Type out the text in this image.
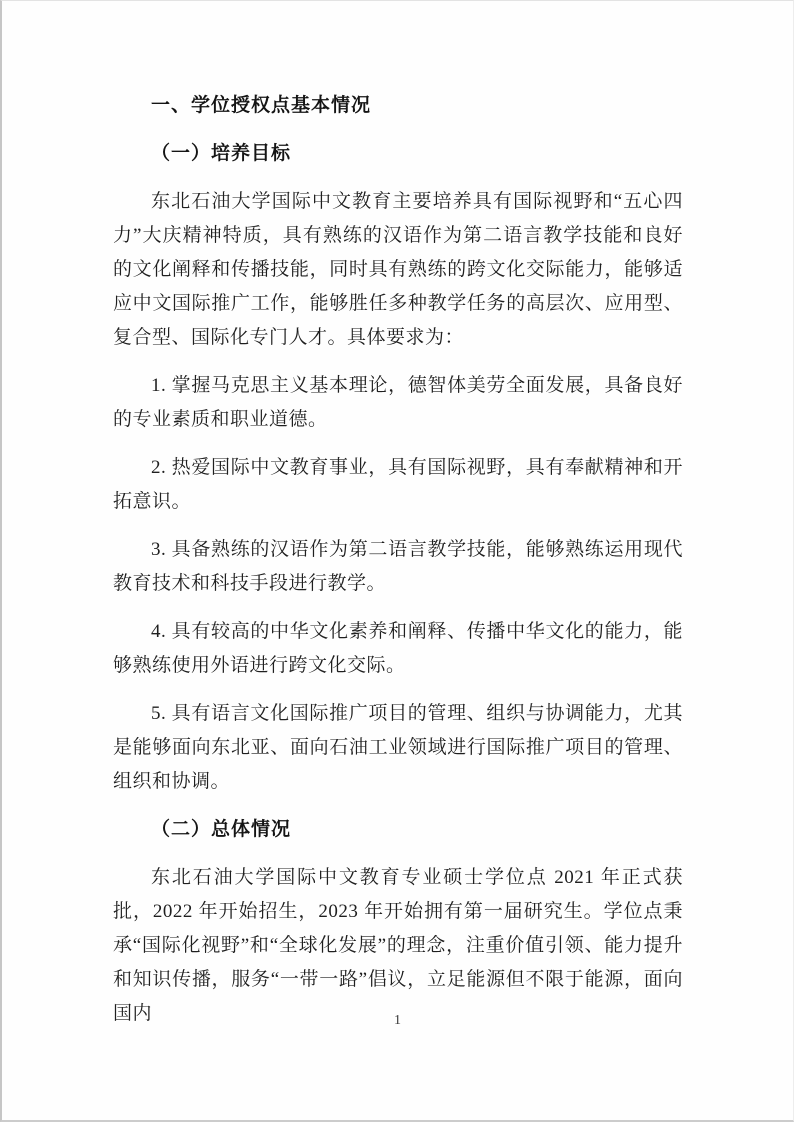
一、学位授权点基本情况
（一）培养目标

东北石油大学国际中文教育主要培养具有国际视野和“五心四力”大庆精神特质，具有熟练的汉语作为第二语言教学技能和良好的文化阐释和传播技能，同时具有熟练的跨文化交际能力，能够适应中文国际推广工作，能够胜任多种教学任务的高层次、应用型、复合型、国际化专门人才。具体要求为：

1. 掌握马克思主义基本理论，德智体美劳全面发展，具备良好的专业素质和职业道德。

2. 热爱国际中文教育事业，具有国际视野，具有奉献精神和开拓意识。

3. 具备熟练的汉语作为第二语言教学技能，能够熟练运用现代教育技术和科技手段进行教学。

4. 具有较高的中华文化素养和阐释、传播中华文化的能力，能够熟练使用外语进行跨文化交际。

5. 具有语言文化国际推广项目的管理、组织与协调能力，尤其是能够面向东北亚、面向石油工业领域进行国际推广项目的管理、组织和协调。

（二）总体情况

东北石油大学国际中文教育专业硕士学位点 2021 年正式获批，2022 年开始招生，2023 年开始拥有第一届研究生。学位点秉承“国际化视野”和“全球化发展”的理念，注重价值引领、能力提升和知识传播，服务“一带一路”倡议，立足能源但不限于能源，面向国内	1
